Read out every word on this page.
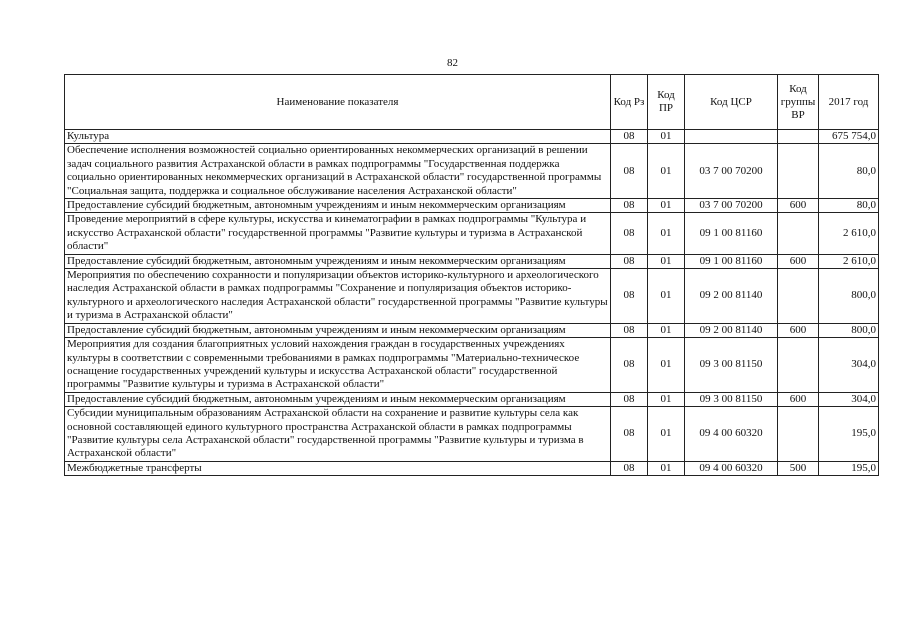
82
Наименование показателя	Код Рз	Код ПР	Код ЦСР	Код группы ВР	2017 год
Культура	08	01			675 754,0
Обеспечение исполнения возможностей социально ориентированных некоммерческих организаций в решении задач социального развития Астраханской области в рамках подпрограммы "Государственная поддержка социально ориентированных некоммерческих организаций в Астраханской области" государственной программы "Социальная защита, поддержка и социальное обслуживание населения Астраханской области"	08	01	03 7 00 70200		80,0
Предоставление субсидий бюджетным, автономным учреждениям и иным некоммерческим организациям	08	01	03 7 00 70200	600	80,0
Проведение мероприятий в сфере культуры, искусства и кинематографии в рамках подпрограммы "Культура и искусство Астраханской области" государственной программы "Развитие культуры и туризма в Астраханской области"	08	01	09 1 00 81160		2 610,0
Предоставление субсидий бюджетным, автономным учреждениям и иным некоммерческим организациям	08	01	09 1 00 81160	600	2 610,0
Мероприятия по обеспечению сохранности и популяризации объектов историко-культурного и археологического наследия Астраханской области в рамках подпрограммы "Сохранение и популяризация объектов историко-культурного и археологического наследия Астраханской области" государственной программы "Развитие культуры и туризма в Астраханской области"	08	01	09 2 00 81140		800,0
Предоставление субсидий бюджетным, автономным учреждениям и иным некоммерческим организациям	08	01	09 2 00 81140	600	800,0
Мероприятия для создания благоприятных условий нахождения граждан в государственных учреждениях культуры в соответствии с современными требованиями в рамках подпрограммы "Материально-техническое оснащение государственных учреждений культуры и искусства Астраханской области" государственной программы "Развитие культуры и туризма в Астраханской области"	08	01	09 3 00 81150		304,0
Предоставление субсидий бюджетным, автономным учреждениям и иным некоммерческим организациям	08	01	09 3 00 81150	600	304,0
Субсидии муниципальным образованиям Астраханской области на сохранение и развитие культуры села как основной составляющей единого культурного пространства Астраханской области в рамках подпрограммы "Развитие культуры села Астраханской области" государственной программы "Развитие культуры и туризма в Астраханской области"	08	01	09 4 00 60320		195,0
Межбюджетные трансферты	08	01	09 4 00 60320	500	195,0
